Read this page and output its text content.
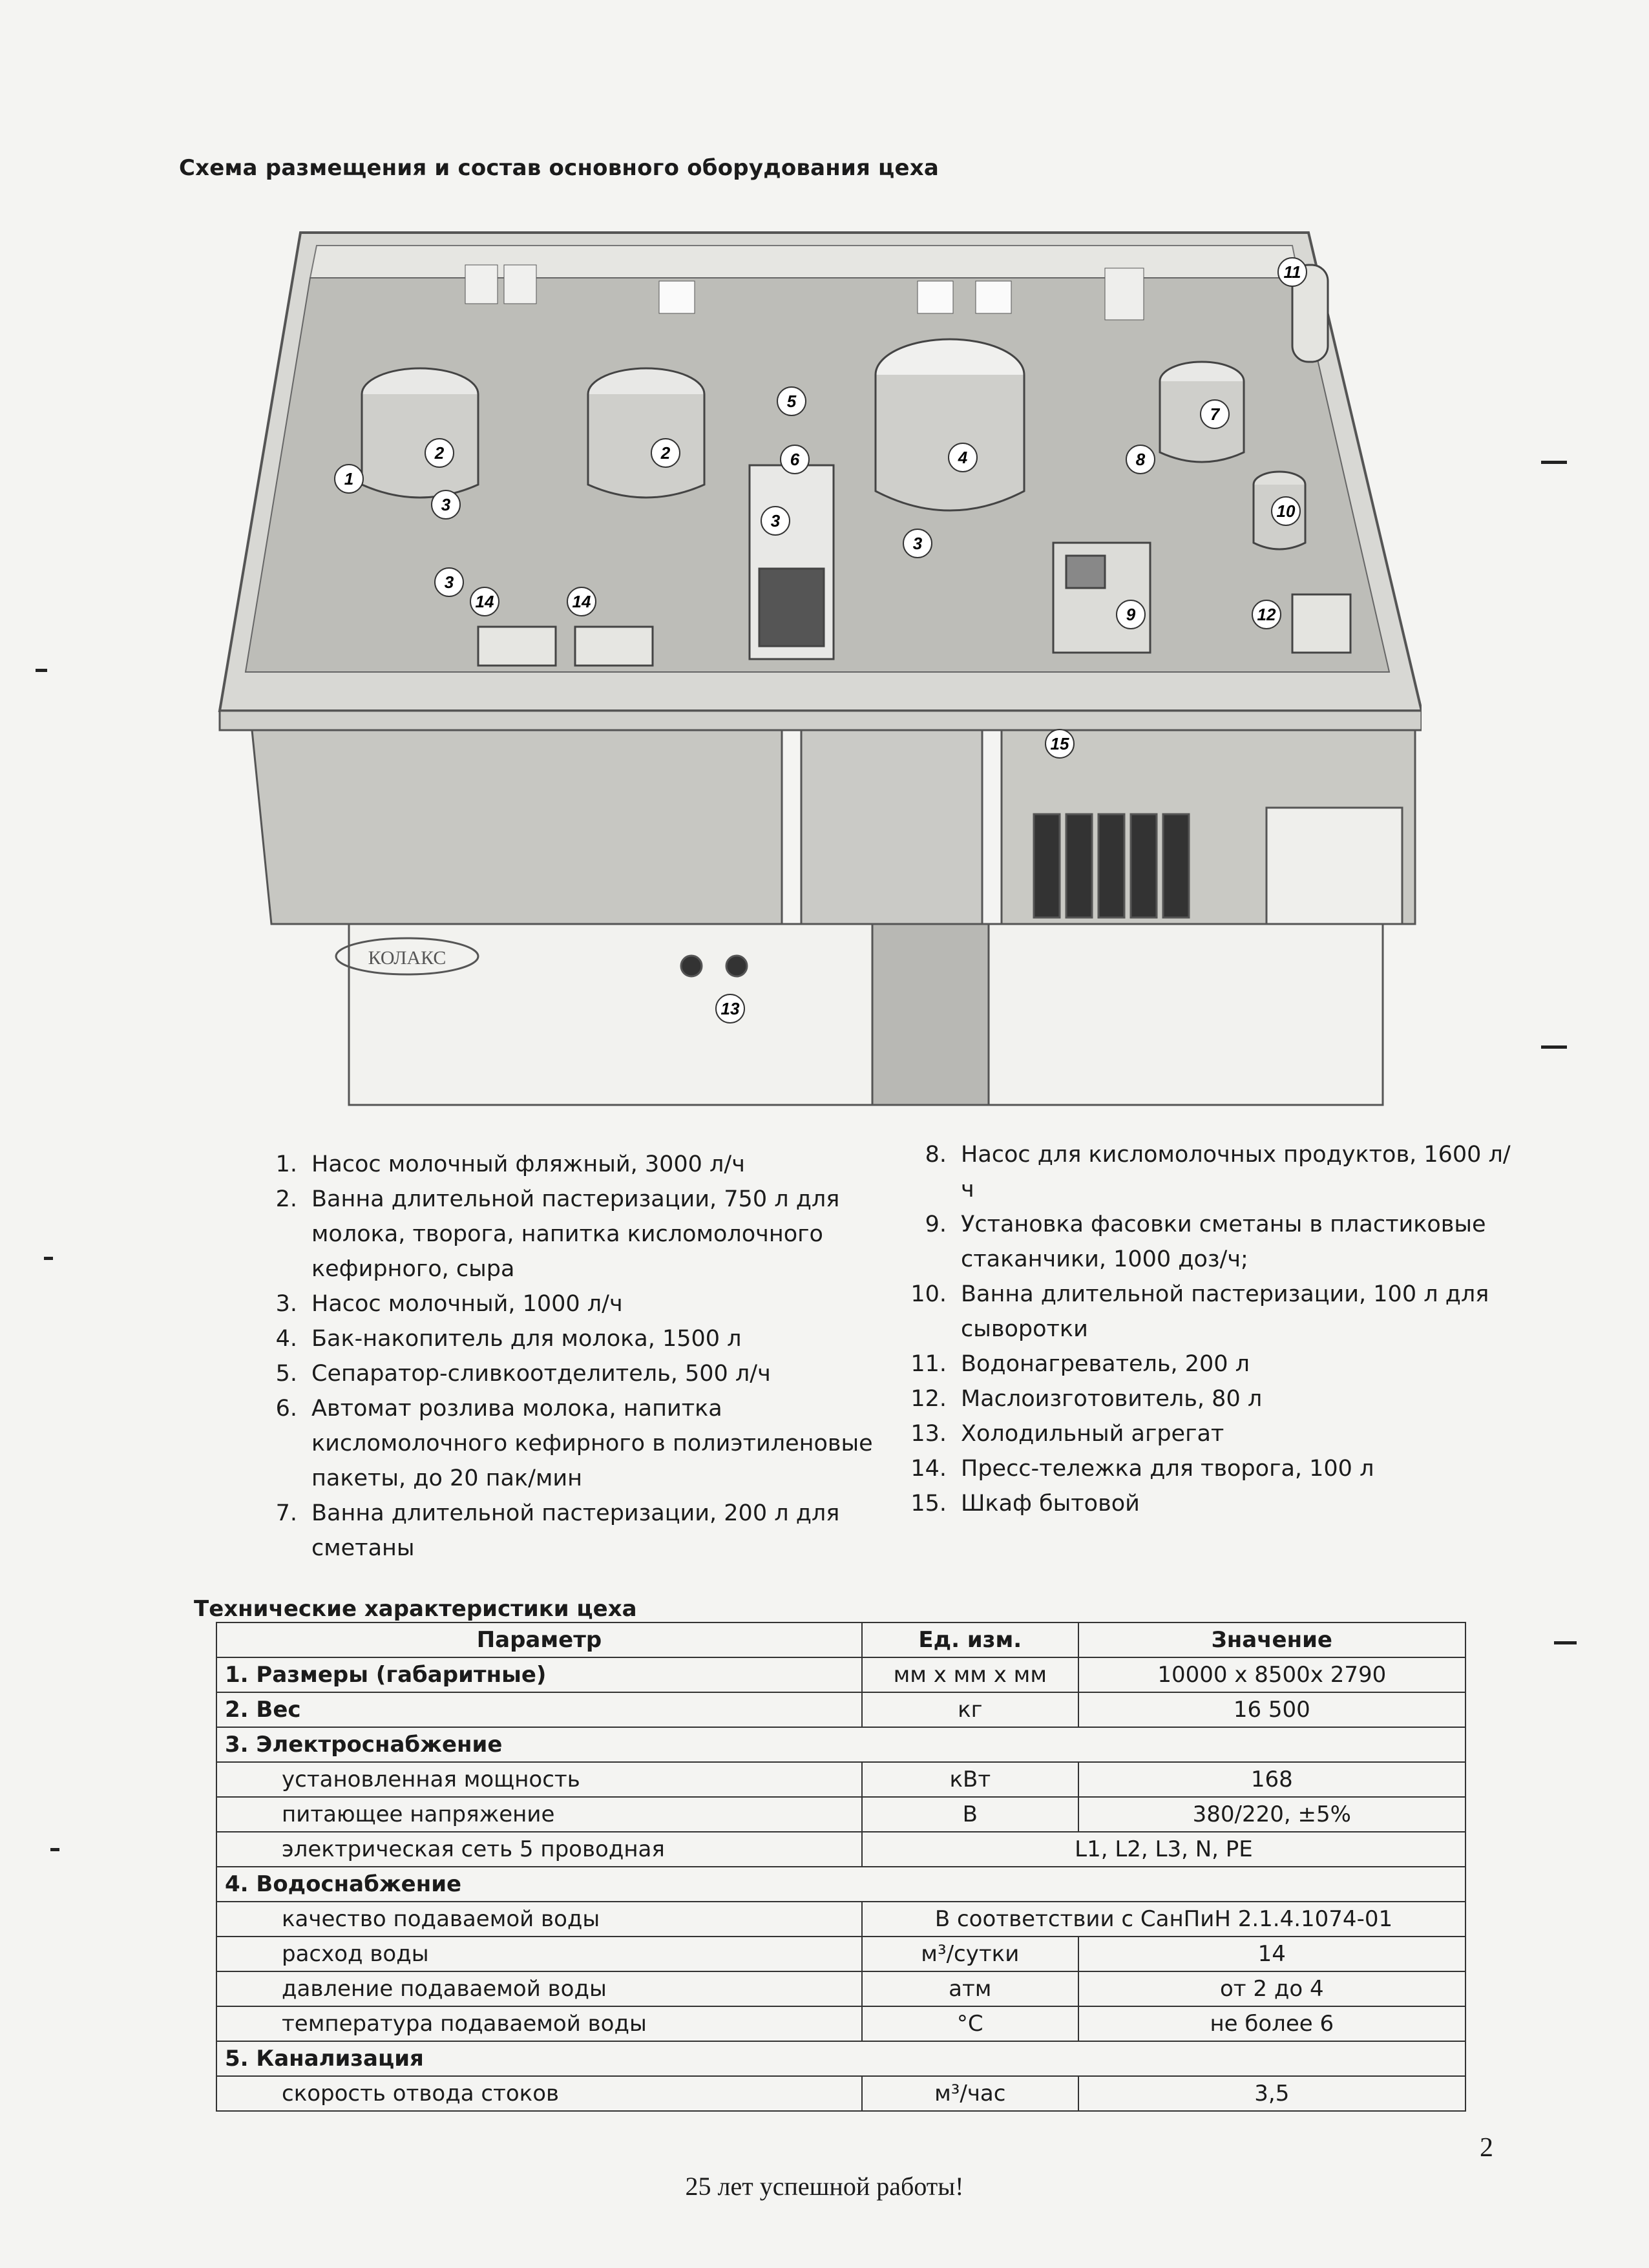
Схема размещения и состав основного оборудования цеха
КОЛАКС
1
2	2
3
3
3
3
4
5
6
7
8
9
10
11
12
13
14	14
15
1. Насос молочный фляжный, 3000 л/ч
2. Ванна длительной пастеризации, 750 л для молока, творога, напитка кисломолочного кефирного, сыра
3. Насос молочный, 1000 л/ч
4. Бак-накопитель для молока, 1500 л
5. Сепаратор-сливкоотделитель, 500 л/ч
6. Автомат розлива молока, напитка кисломолочного кефирного в полиэтиленовые пакеты, до 20 пак/мин
7. Ванна длительной пастеризации, 200 л для сметаны
8. Насос для кисломолочных продуктов, 1600 л/ч
9. Установка фасовки сметаны в пластиковые стаканчики, 1000 доз/ч;
10. Ванна длительной пастеризации, 100 л для сыворотки
11. Водонагреватель, 200 л
12. Маслоизготовитель, 80 л
13. Холодильный агрегат
14. Пресс-тележка для творога, 100 л
15. Шкаф бытовой
Технические характеристики цеха
Параметр	Ед. изм.	Значение
1. Размеры (габаритные)	мм х мм х мм	10000 х 8500х 2790
2. Вес	кг	16 500
3. Электроснабжение		
установленная мощность	кВт	168
питающее напряжение	В	380/220, ±5%
электрическая сеть 5 проводная	L1, L2, L3, N, PE	
4. Водоснабжение		
качество подаваемой воды	В соответствии с СанПиН 2.1.4.1074-01	
расход воды	м³/сутки	14
давление подаваемой воды	атм	от 2 до 4
температура подаваемой воды	°С	не более 6
5. Канализация		
скорость отвода стоков	м³/час	3,5
2
25 лет успешной работы!
